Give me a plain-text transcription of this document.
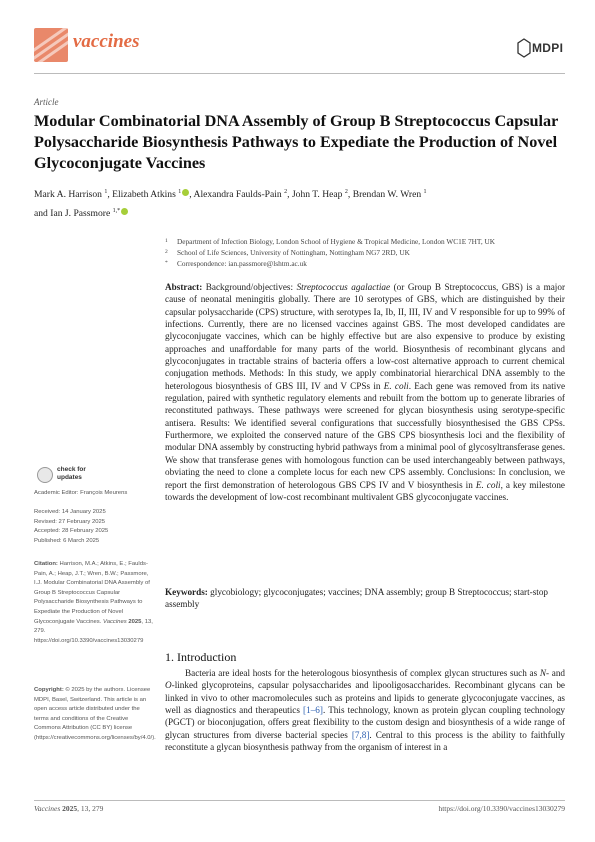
vaccines	MDPI
Article
Modular Combinatorial DNA Assembly of Group B Streptococcus Capsular Polysaccharide Biosynthesis Pathways to Expediate the Production of Novel Glycoconjugate Vaccines
Mark A. Harrison $^1$, Elizabeth Atkins $^1$ , Alexandra Faulds-Pain $^2$, John T. Heap $^2$, Brendan W. Wren $^1$
and Ian J. Passmore $^{1,*}$
1 Department of Infection Biology, London School of Hygiene & Tropical Medicine, London WC1E 7HT, UK
2 School of Life Sciences, University of Nottingham, Nottingham NG7 2RD, UK
* Correspondence: ian.passmore@lshtm.ac.uk
Abstract: Background/objectives: Streptococcus agalactiae (or Group B Streptococcus, GBS) is a major cause of neonatal meningitis globally. There are 10 serotypes of GBS, which are distinguished by their capsular polysaccharide (CPS) structure, with serotypes Ia, Ib, II, III, IV and V responsible for up to 99% of infections. Currently, there are no licensed vaccines against GBS. The most developed candidates are glycoconjugate vaccines, which can be highly effective but are also expensive to produce by existing approaches and unaffordable for many parts of the world. Biosynthesis of recombinant glycans and glycoconjugates in tractable strains of bacteria offers a low-cost alternative approach to current chemical conjugation methods. Methods: In this study, we apply combinatorial hierarchical DNA assembly to the heterologous biosynthesis of GBS III, IV and V CPSs in E. coli. Each gene was removed from its native regulation, paired with synthetic regulatory elements and rebuilt from the bottom up to generate libraries of reconstituted pathways. These pathways were screened for glycan biosynthesis using serotype-specific antisera. Results: We identified several configurations that successfully biosynthesised the GBS CPSs. Furthermore, we exploited the conserved nature of the GBS CPS biosynthesis loci and the flexibility of modular DNA assembly by constructing hybrid pathways from a minimal pool of glycosyltransferase genes. We show that transferase genes with homologous function can be used interchangeably between pathways, obviating the need to clone a complete locus for each new CPS assembly. Conclusions: In conclusion, we report the first demonstration of heterologous GBS CPS IV and V biosynthesis in E. coli, a key milestone towards the development of low-cost recombinant multivalent GBS glycoconjugate vaccines.
Keywords: glycobiology; glycoconjugates; vaccines; DNA assembly; group B Streptococcus; start-stop assembly
check for
updates
Academic Editor: François Meurens
Received: 14 January 2025
Revised: 27 February 2025
Accepted: 28 February 2025
Published: 6 March 2025
Citation: Harrison, M.A.; Atkins, E.; Faulds-Pain, A.; Heap, J.T.; Wren, B.W.; Passmore, I.J. Modular Combinatorial DNA Assembly of Group B Streptococcus Capsular Polysaccharide Biosynthesis Pathways to Expediate the Production of Novel Glycoconjugate Vaccines. Vaccines 2025, 13, 279. https://doi.org/10.3390/vaccines13030279
Copyright: © 2025 by the authors. Licensee MDPI, Basel, Switzerland. This article is an open access article distributed under the terms and conditions of the Creative Commons Attribution (CC BY) license (https://creativecommons.org/licenses/by/4.0/).
1. Introduction
Bacteria are ideal hosts for the heterologous biosynthesis of complex glycan structures such as N- and O-linked glycoproteins, capsular polysaccharides and lipooligosaccharides. Recombinant glycans can be linked in vivo to other macromolecules such as proteins and lipids to generate glycoconjugate vaccines, as well as diagnostics and therapeutics [1–6]. This technology, known as protein glycan coupling technology (PGCT) or bioconjugation, offers great flexibility to the custom design and biosynthesis of a wide range of glycan structures from diverse bacterial species [7,8]. Central to this process is the ability to faithfully reconstitute a glycan biosynthesis pathway from the organism of interest in a
Vaccines 2025, 13, 279	https://doi.org/10.3390/vaccines13030279
